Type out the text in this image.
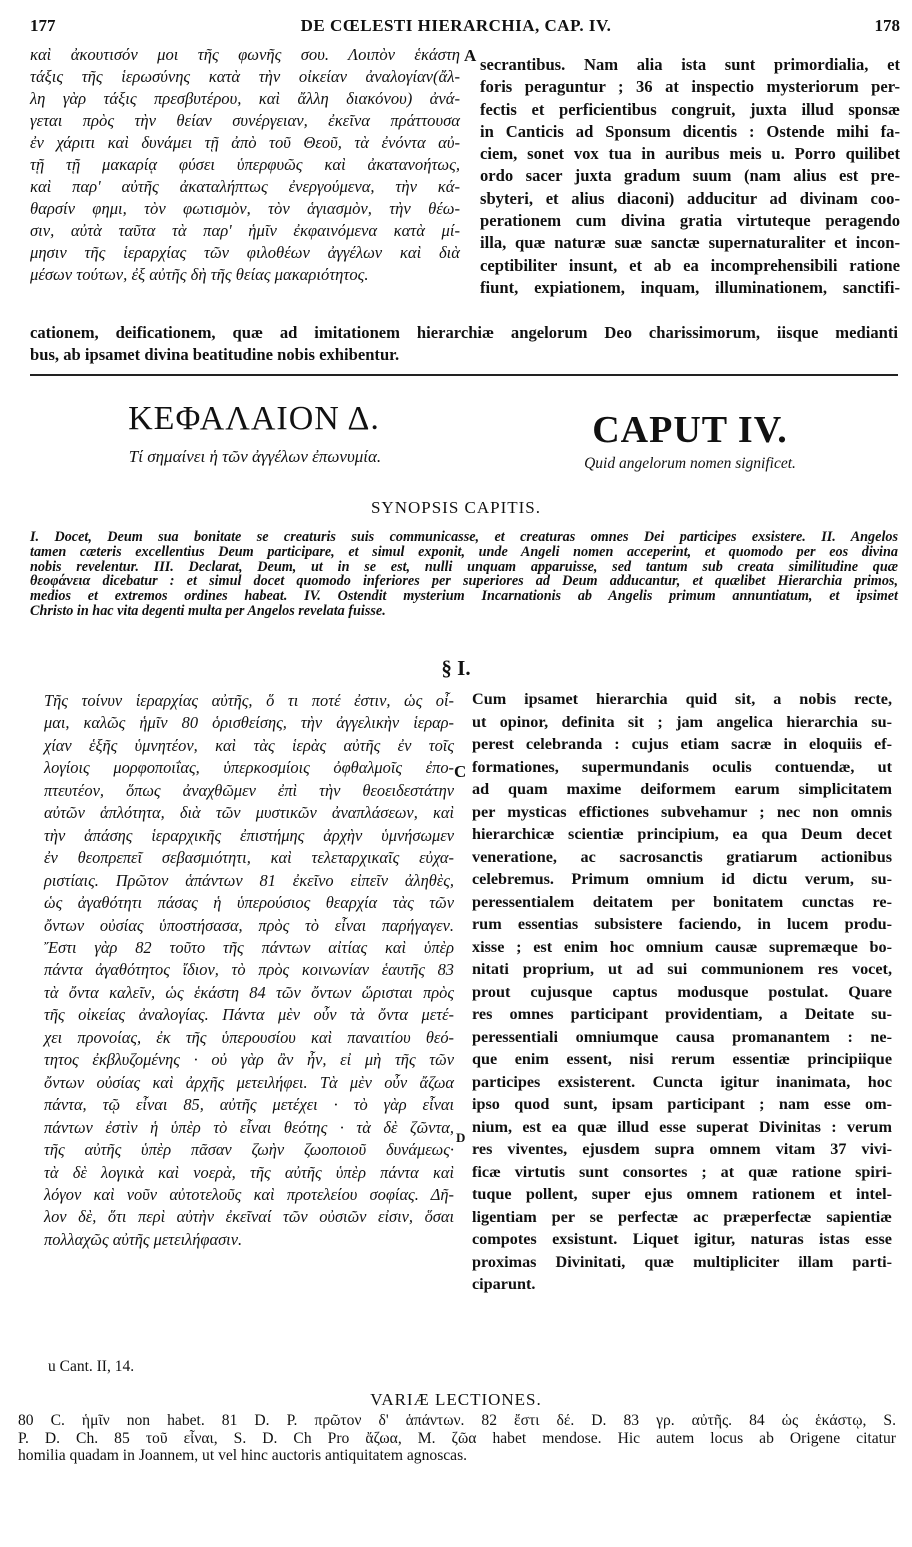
177	DE CŒLESTI HIERARCHIA, CAP. IV.	178
καὶ ἀκουτισόν μοι τῆς φωνῆς σου. Λοιπὸν ἑκάστη
τάξις τῆς ἱερωσύνης κατὰ τὴν οἰκείαν ἀναλογίαν(ἄλ-
λη γὰρ τάξις πρεσβυτέρου, καὶ ἄλλη διακόνου) ἀνά-
γεται πρὸς τὴν θείαν συνέργειαν, ἐκεῖνα πράττουσα
ἐν χάριτι καὶ δυνάμει τῇ ἀπὸ τοῦ Θεοῦ, τὰ ἐνόντα αὐ-
τῇ τῇ μακαρίᾳ φύσει ὑπερφυῶς καὶ ἀκατανοήτως,
καὶ παρ' αὐτῆς ἀκαταλήπτως ἐνεργούμενα, τὴν κά-
θαρσίν φημι, τὸν φωτισμὸν, τὸν ἁγιασμὸν, τὴν θέω-
σιν, αὐτὰ ταῦτα τὰ παρ' ἡμῖν ἐκφαινόμενα κατὰ μί-
μησιν τῆς ἱεραρχίας τῶν φιλοθέων ἀγγέλων καὶ διὰ
μέσων τούτων, ἐξ αὐτῆς δὴ τῆς θείας μακαριότητος.
A secrantibus. Nam alia ista sunt primordialia, et
foris peraguntur ; 36 at inspectio mysteriorum per-
fectis et perficientibus congruit, juxta illud sponsæ
in Canticis ad Sponsum dicentis : Ostende mihi fa-
ciem, sonet vox tua in auribus meis u. Porro quilibet
ordo sacer juxta gradum suum (nam alius est pre-
sbyteri, et alius diaconi) adducitur ad divinam coo-
perationem cum divina gratia virtuteque peragendo
illa, quæ naturæ suæ sanctæ supernaturaliter et incon-
ceptibiliter insunt, et ab ea incomprehensibili ratione
fiunt, expiationem, inquam, illuminationem, sanctifi-
cationem, deificationem, quæ ad imitationem hierarchiæ angelorum Deo charissimorum, iisque medianti
bus, ab ipsamet divina beatitudine nobis exhibentur.
ΚΕΦΑΛΑΙΟΝ Δ.
Τί σημαίνει ἡ τῶν ἀγγέλων ἐπωνυμία.
CAPUT IV.
Quid angelorum nomen significet.
SYNOPSIS CAPITIS.
I. Docet, Deum sua bonitate se creaturis suis communicasse, et creaturas omnes Dei participes exsistere. II. Angelos
tamen cæteris excellentius Deum participare, et simul exponit, unde Angeli nomen acceperint, et quomodo per eos divina
nobis revelentur. III. Declarat, Deum, ut in se est, nulli unquam apparuisse, sed tantum sub creata similitudine quæ
θεοφάνεια dicebatur : et simul docet quomodo inferiores per superiores ad Deum adducantur, et quælibet Hierarchia primos,
medios et extremos ordines habeat. IV. Ostendit mysterium Incarnationis ab Angelis primum annuntiatum, et ipsimet
Christo in hac vita degenti multa per Angelos revelata fuisse.
§ I.
Τῆς τοίνυν ἱεραρχίας αὐτῆς, ὅ τι ποτέ ἐστιν, ὡς οἶ-
μαι, καλῶς ἡμῖν 80 ὁρισθείσης, τὴν ἀγγελικὴν ἱεραρ-
χίαν ἑξῆς ὑμνητέον, καὶ τὰς ἱερὰς αὐτῆς ἐν τοῖς
λογίοις μορφοποιΐας, ὑπερκοσμίοις ὀφθαλμοῖς ἐπο-
πτευτέον, ὅπως ἀναχθῶμεν ἐπὶ τὴν θεοειδεστάτην
αὐτῶν ἁπλότητα, διὰ τῶν μυστικῶν ἀναπλάσεων, καὶ
τὴν ἁπάσης ἱεραρχικῆς ἐπιστήμης ἀρχὴν ὑμνήσωμεν
ἐν θεοπρεπεῖ σεβασμιότητι, καὶ τελεταρχικαῖς εὐχα-
ριστίαις. Πρῶτον ἁπάντων 81 ἐκεῖνο εἰπεῖν ἀληθὲς,
ὡς ἀγαθότητι πάσας ἡ ὑπερούσιος θεαρχία τὰς τῶν
ὄντων οὐσίας ὑποστήσασα, πρὸς τὸ εἶναι παρήγαγεν.
Ἔστι γὰρ 82 τοῦτο τῆς πάντων αἰτίας καὶ ὑπὲρ
πάντα ἀγαθότητος ἴδιον, τὸ πρὸς κοινωνίαν ἑαυτῆς 83
τὰ ὄντα καλεῖν, ὡς ἑκάστη 84 τῶν ὄντων ὥρισται πρὸς
τῆς οἰκείας ἀναλογίας. Πάντα μὲν οὖν τὰ ὄντα μετέ-
χει προνοίας, ἐκ τῆς ὑπερουσίου καὶ παναιτίου θεό-
τητος ἐκβλυζομένης · οὐ γὰρ ἂν ἦν, εἰ μὴ τῆς τῶν
ὄντων οὐσίας καὶ ἀρχῆς μετειλήφει. Τὰ μὲν οὖν ἄζωα
πάντα, τῷ εἶναι 85, αὐτῆς μετέχει · τὸ γὰρ εἶναι
πάντων ἐστὶν ἡ ὑπὲρ τὸ εἶναι θεότης · τὰ δὲ ζῶντα,
τῆς αὐτῆς ὑπὲρ πᾶσαν ζωὴν ζωοποιοῦ δυνάμεως·
τὰ δὲ λογικὰ καὶ νοερὰ, τῆς αὐτῆς ὑπὲρ πάντα καὶ
λόγον καὶ νοῦν αὐτοτελοῦς καὶ προτελείου σοφίας. Δῆ-
λον δὲ, ὅτι περὶ αὐτὴν ἐκεῖναί τῶν οὐσιῶν εἰσιν, ὅσαι
πολλαχῶς αὐτῆς μετειλήφασιν.
C
D
Cum ipsamet hierarchia quid sit, a nobis recte,
ut opinor, definita sit ; jam angelica hierarchia su-
perest celebranda : cujus etiam sacræ in eloquiis ef-
formationes, supermundanis oculis contuendæ, ut
ad quam maxime deiformem earum simplicitatem
per mysticas effictiones subvehamur ; nec non omnis
hierarchicæ scientiæ principium, ea qua Deum decet
veneratione, ac sacrosanctis gratiarum actionibus
celebremus. Primum omnium id dictu verum, su-
peressentialem deitatem per bonitatem cunctas re-
rum essentias subsistere faciendo, in lucem produ-
xisse ; est enim hoc omnium causæ supremæque bo-
nitati proprium, ut ad sui communionem res vocet,
prout cujusque captus modusque postulat. Quare
res omnes participant providentiam, a Deitate su-
peressentiali omniumque causa promanantem : ne-
que enim essent, nisi rerum essentiæ principiique
participes exsisterent. Cuncta igitur inanimata, hoc
ipso quod sunt, ipsam participant ; nam esse om-
nium, est ea quæ illud esse superat Divinitas : verum
res viventes, ejusdem supra omnem vitam 37 vivi-
ficæ virtutis sunt consortes ; at quæ ratione spiri-
tuque pollent, super ejus omnem rationem et intel-
ligentiam per se perfectæ ac præperfectæ sapientiæ
compotes exsistunt. Liquet igitur, naturas istas esse
proximas Divinitati, quæ multipliciter illam parti-
ciparunt.
u Cant. II, 14.
VARIÆ LECTIONES.
80 C. ἡμῖν non habet. 81 D. P. πρῶτον δ' ἁπάντων. 82 ἔστι δέ. D. 83 γρ. αὐτῆς. 84 ὡς ἑκάστῳ, S.
P. D. Ch. 85 τοῦ εἶναι, S. D. Ch Pro ἄζωα, M. ζῶα habet mendose. Hic autem locus ab Origene citatur
homilia quadam in Joannem, ut vel hinc auctoris antiquitatem agnoscas.
